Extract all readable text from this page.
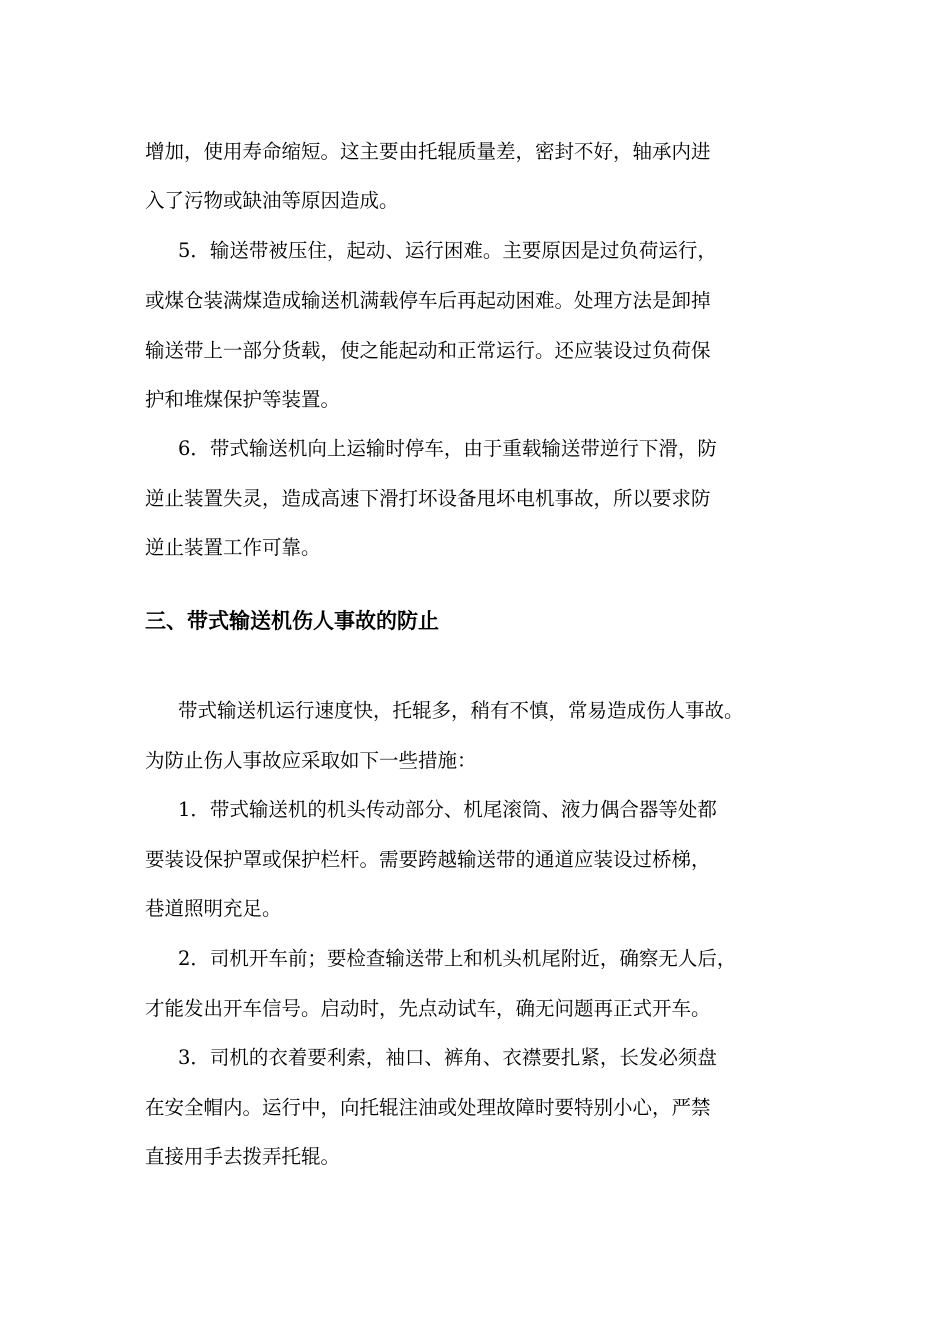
增加，使用寿命缩短。这主要由托辊质量差，密封不好，轴承内进
入了污物或缺油等原因造成。
5．输送带被压住，起动、运行困难。主要原因是过负荷运行，
或煤仓装满煤造成输送机满载停车后再起动困难。处理方法是卸掉
输送带上一部分货载，使之能起动和正常运行。还应装设过负荷保
护和堆煤保护等装置。
6．带式输送机向上运输时停车，由于重载输送带逆行下滑，防
逆止装置失灵，造成高速下滑打坏设备甩坏电机事故，所以要求防
逆止装置工作可靠。
三、带式输送机伤人事故的防止
带式输送机运行速度快，托辊多，稍有不慎，常易造成伤人事故。
为防止伤人事故应采取如下一些措施：
1．带式输送机的机头传动部分、机尾滚筒、液力偶合器等处都
要装设保护罩或保护栏杆。需要跨越输送带的通道应装设过桥梯，
巷道照明充足。
2．司机开车前；要检查输送带上和机头机尾附近，确察无人后，
才能发出开车信号。启动时，先点动试车，确无问题再正式开车。
3．司机的衣着要利索，袖口、裤角、衣襟要扎紧，长发必须盘
在安全帽内。运行中，向托辊注油或处理故障时要特别小心，严禁
直接用手去拨弄托辊。
